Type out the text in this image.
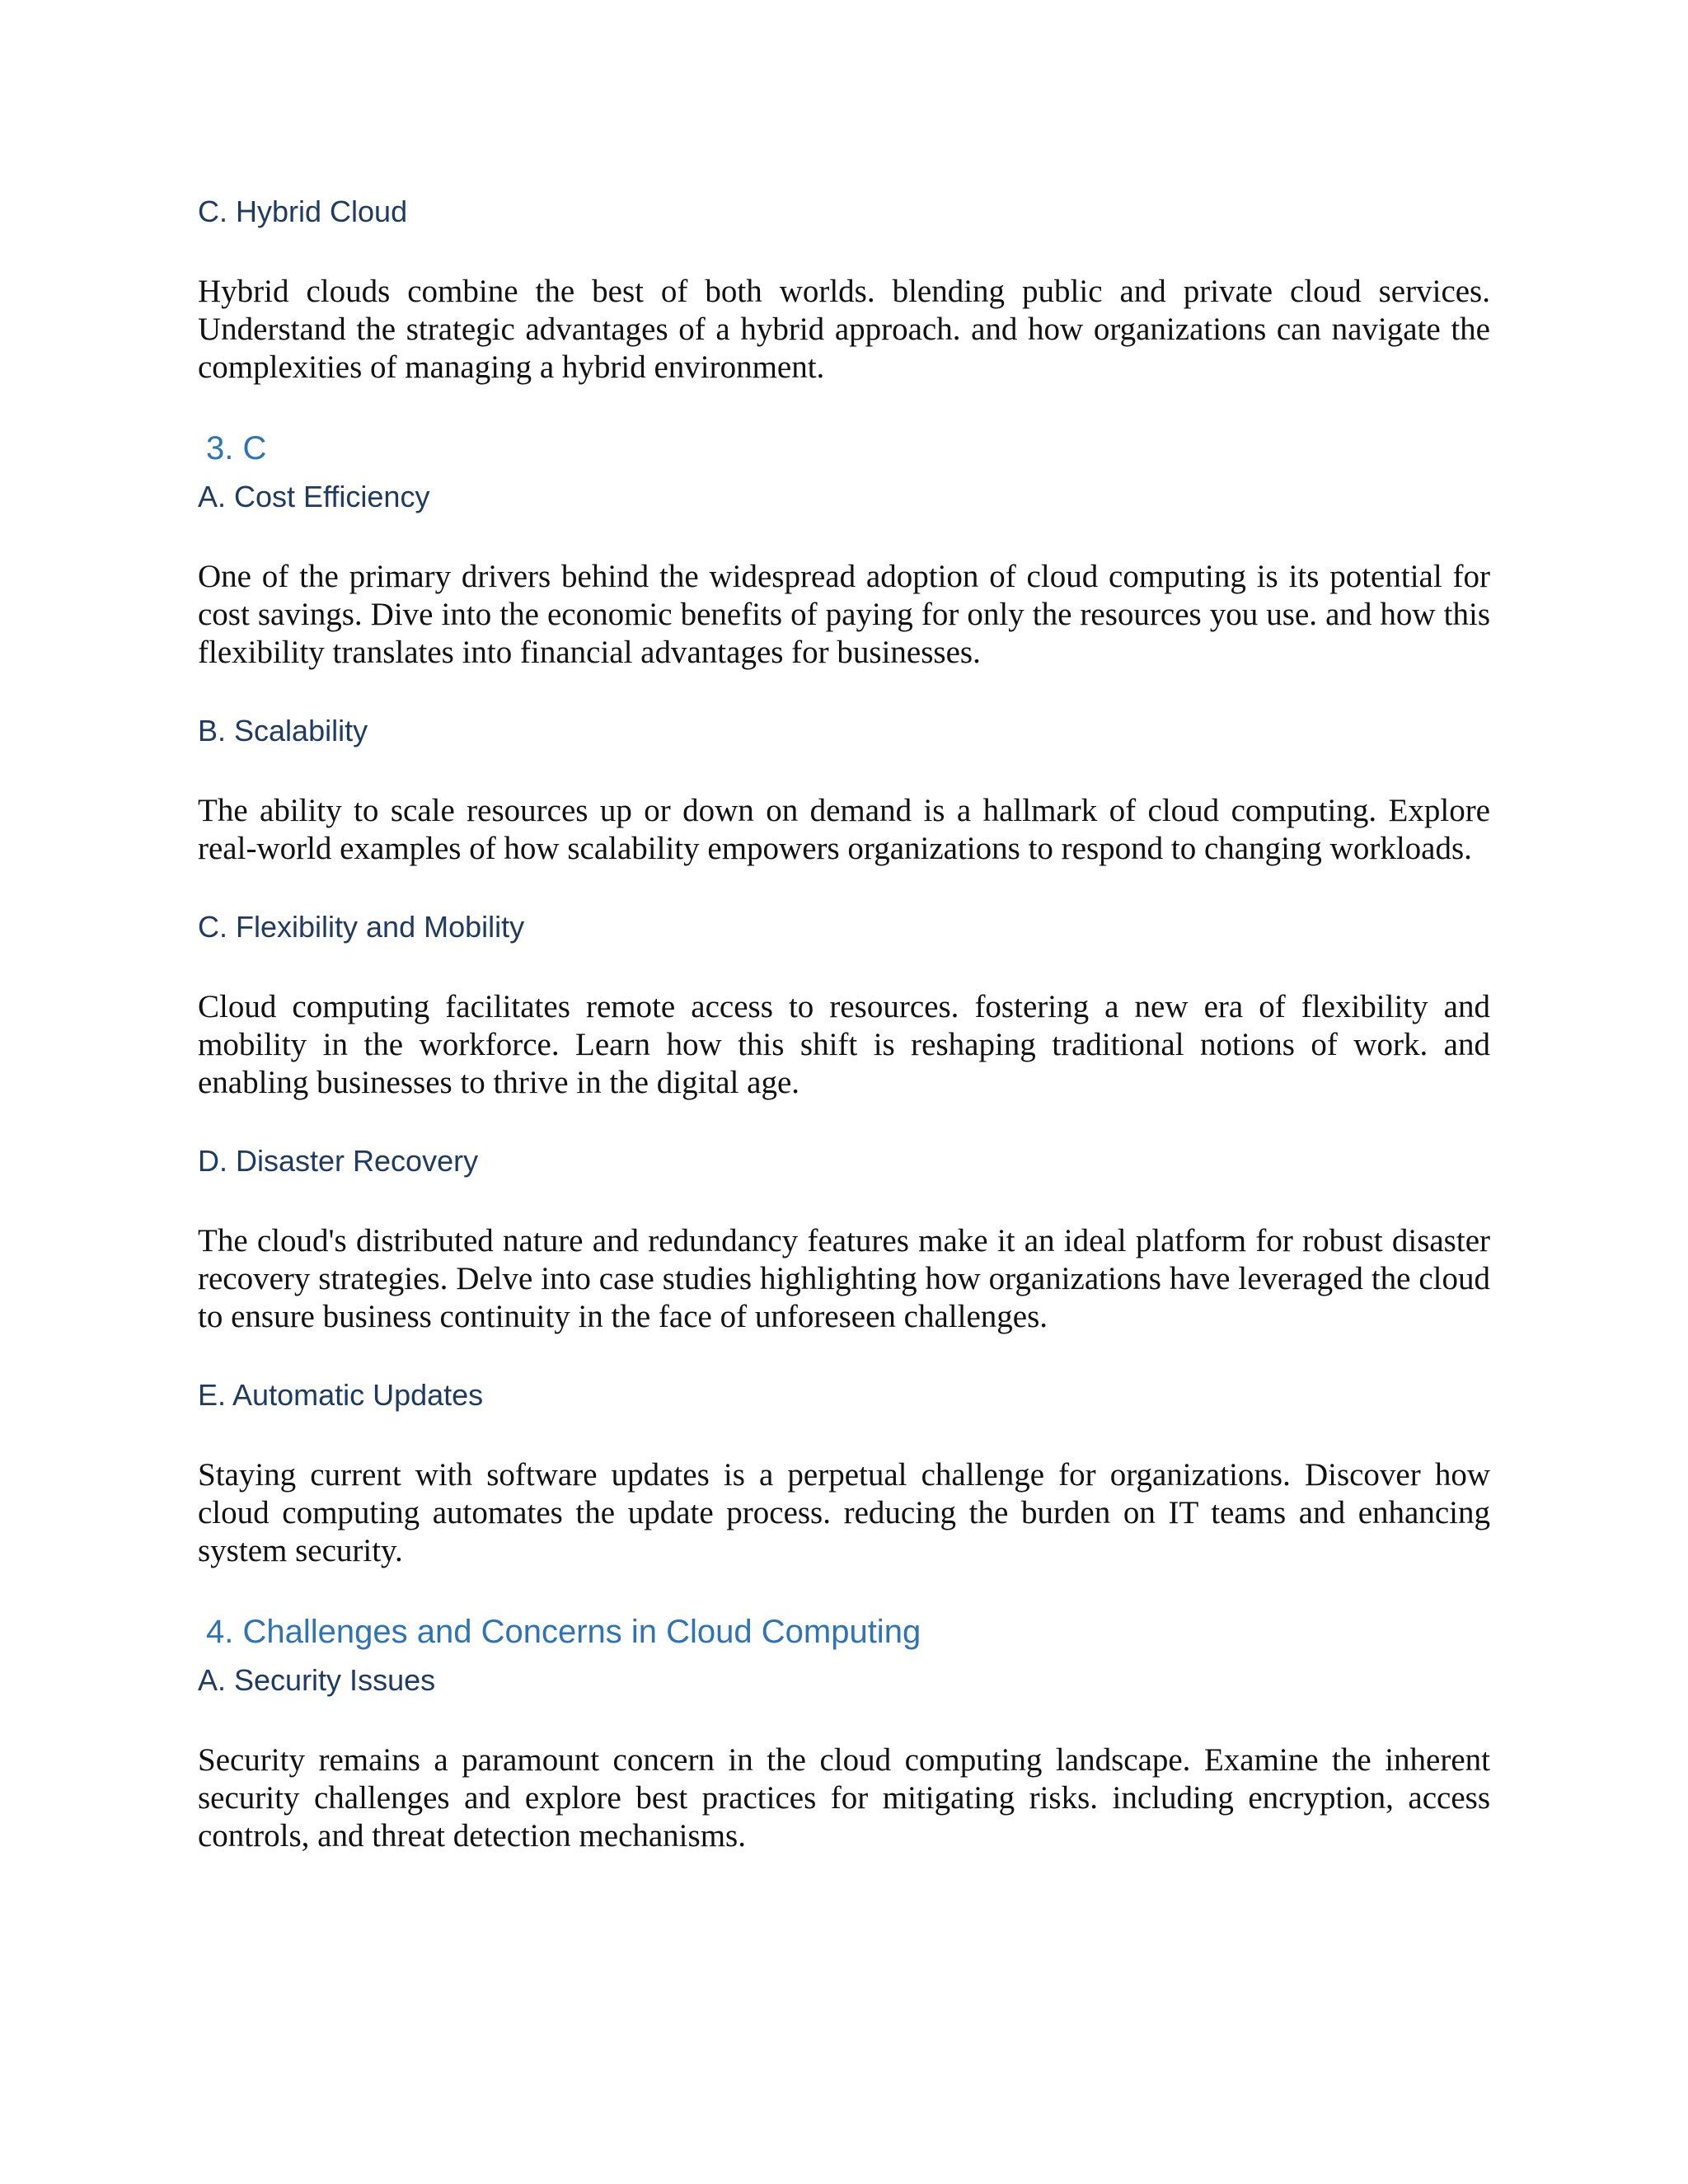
C. Hybrid Cloud

Hybrid clouds combine the best of both worlds. blending public and private cloud services. Understand the strategic advantages of a hybrid approach. and how organizations can navigate the complexities of managing a hybrid environment.

3. C
A. Cost Efficiency

One of the primary drivers behind the widespread adoption of cloud computing is its potential for cost savings. Dive into the economic benefits of paying for only the resources you use. and how this flexibility translates into financial advantages for businesses.

B. Scalability

The ability to scale resources up or down on demand is a hallmark of cloud computing. Explore real-world examples of how scalability empowers organizations to respond to changing workloads.

C. Flexibility and Mobility

Cloud computing facilitates remote access to resources. fostering a new era of flexibility and mobility in the workforce. Learn how this shift is reshaping traditional notions of work. and enabling businesses to thrive in the digital age.

D. Disaster Recovery

The cloud's distributed nature and redundancy features make it an ideal platform for robust disaster recovery strategies. Delve into case studies highlighting how organizations have leveraged the cloud to ensure business continuity in the face of unforeseen challenges.

E. Automatic Updates

Staying current with software updates is a perpetual challenge for organizations. Discover how cloud computing automates the update process. reducing the burden on IT teams and enhancing system security.

4. Challenges and Concerns in Cloud Computing
A. Security Issues

Security remains a paramount concern in the cloud computing landscape. Examine the inherent security challenges and explore best practices for mitigating risks. including encryption, access controls, and threat detection mechanisms.
